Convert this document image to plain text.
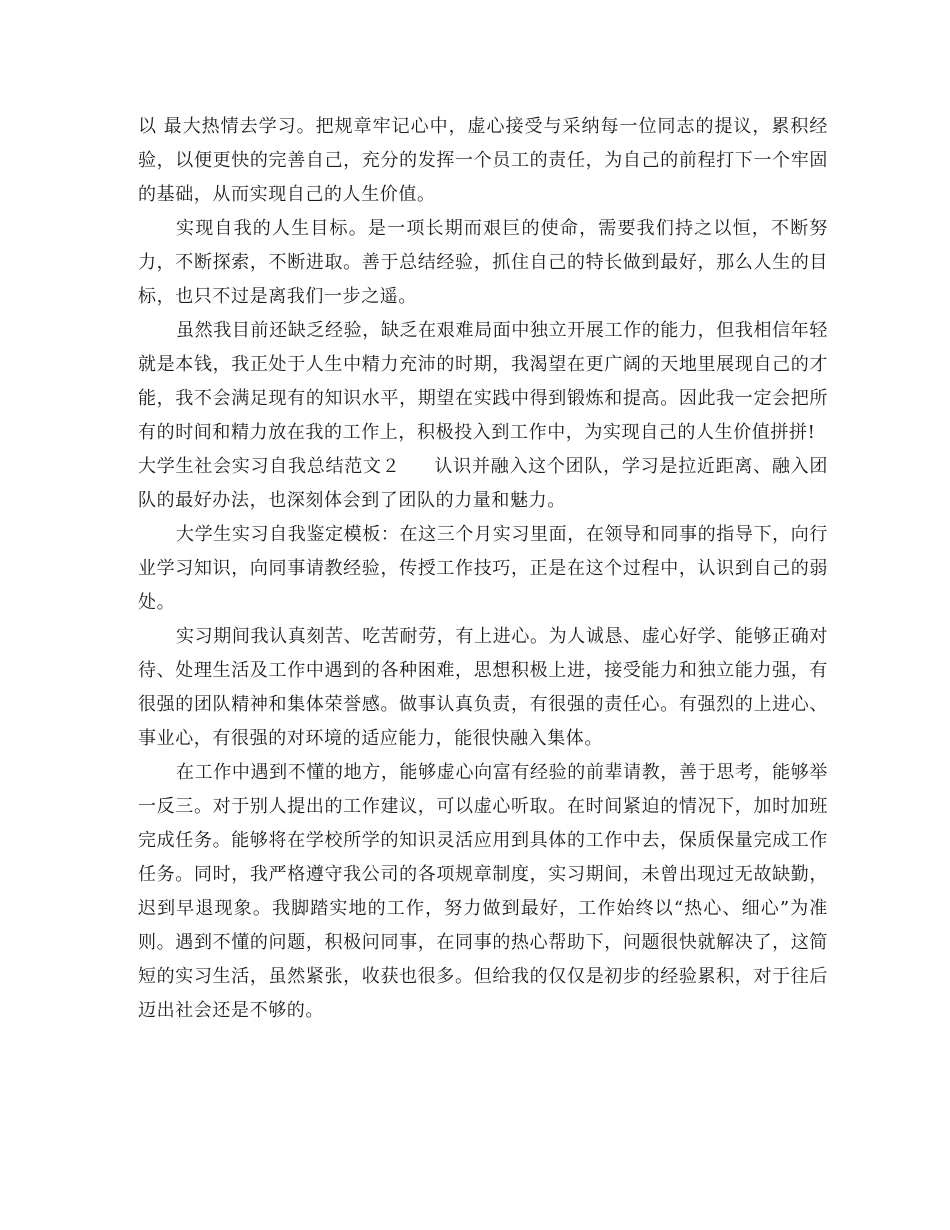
以 最大热情去学习。把规章牢记心中，虚心接受与采纳每一位同志的提议，累积经验，以便更快的完善自己，充分的发挥一个员工的责任，为自己的前程打下一个牢固的基础，从而实现自己的人生价值。

实现自我的人生目标。是一项长期而艰巨的使命，需要我们持之以恒，不断努力，不断探索，不断进取。善于总结经验，抓住自己的特长做到最好，那么人生的目标，也只不过是离我们一步之遥。

虽然我目前还缺乏经验，缺乏在艰难局面中独立开展工作的能力，但我相信年轻就是本钱，我正处于人生中精力充沛的时期，我渴望在更广阔的天地里展现自己的才能，我不会满足现有的知识水平，期望在实践中得到锻炼和提高。因此我一定会把所有的时间和精力放在我的工作上，积极投入到工作中，为实现自己的人生价值拼拼!

大学生社会实习自我总结范文２ 认识并融入这个团队，学习是拉近距离、融入团队的最好办法，也深刻体会到了团队的力量和魅力。

大学生实习自我鉴定模板：在这三个月实习里面，在领导和同事的指导下，向行业学习知识，向同事请教经验，传授工作技巧，正是在这个过程中，认识到自己的弱处。

实习期间我认真刻苦、吃苦耐劳，有上进心。为人诚恳、虚心好学、能够正确对待、处理生活及工作中遇到的各种困难，思想积极上进，接受能力和独立能力强，有很强的团队精神和集体荣誉感。做事认真负责，有很强的责任心。有强烈的上进心、事业心，有很强的对环境的适应能力，能很快融入集体。

在工作中遇到不懂的地方，能够虚心向富有经验的前辈请教，善于思考，能够举一反三。对于别人提出的工作建议，可以虚心听取。在时间紧迫的情况下，加时加班完成任务。能够将在学校所学的知识灵活应用到具体的工作中去，保质保量完成工作任务。同时，我严格遵守我公司的各项规章制度，实习期间，未曾出现过无故缺勤，迟到早退现象。我脚踏实地的工作，努力做到最好，工作始终以“热心、细心”为准则。遇到不懂的问题，积极问同事，在同事的热心帮助下，问题很快就解决了，这简短的实习生活，虽然紧张，收获也很多。但给我的仅仅是初步的经验累积，对于往后迈出社会还是不够的。
